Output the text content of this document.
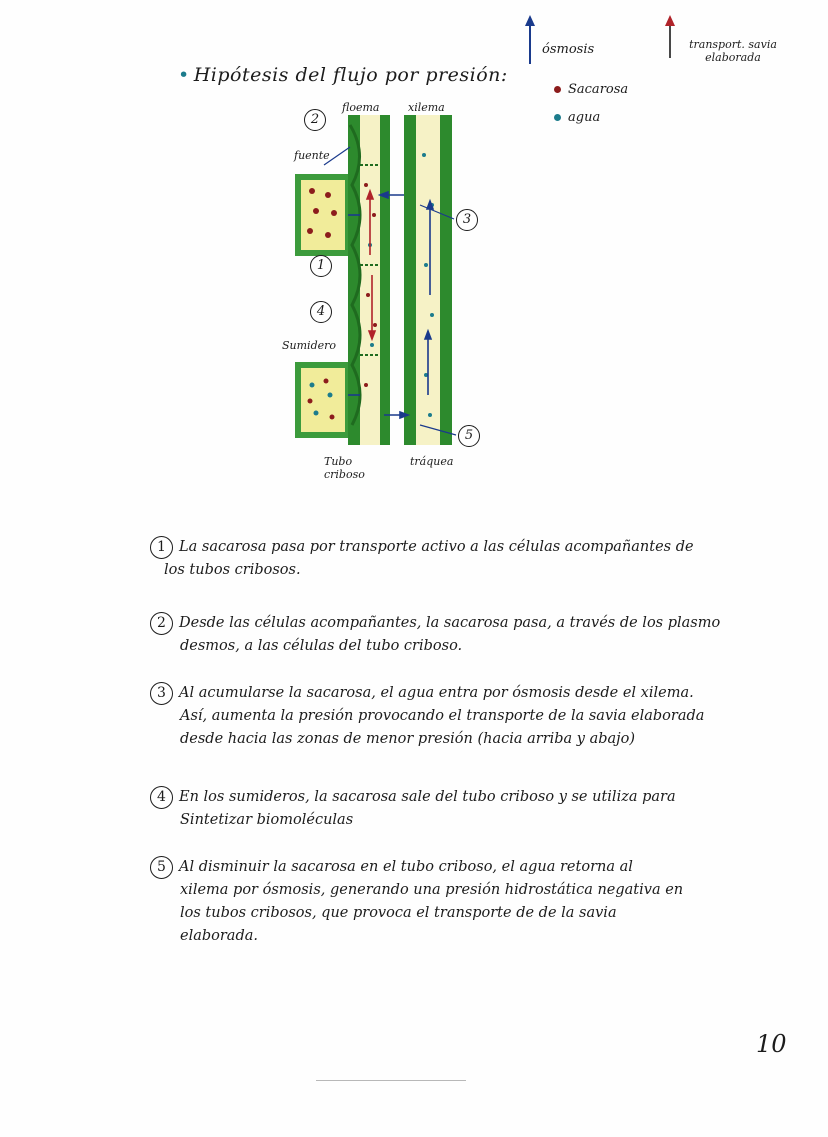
• Hipótesis del flujo por presión:
ósmosis	transport. savia elaborada
Sacarosa
agua
floema	xilema
fuente
Sumidero
Tubo criboso
tráquea
2
3
1
4
5
1 La sacarosa pasa por transporte activo a las células acompañantes de
los tubos cribosos.
2 Desde las células acompañantes, la sacarosa pasa, a través de los plasmo
desmos, a las células del tubo criboso.
3 Al acumularse la sacarosa, el agua entra por ósmosis desde el xilema.
Así, aumenta la presión provocando el transporte de la savia elaborada
desde hacia las zonas de menor presión (hacia arriba y abajo)
4 En los sumideros, la sacarosa sale del tubo criboso y se utiliza para
Sintetizar biomoléculas
5 Al disminuir la sacarosa en el tubo criboso, el agua retorna al
xilema por ósmosis, generando una presión hidrostática negativa en
los tubos cribosos, que provoca el transporte de de la savia
elaborada.
10
